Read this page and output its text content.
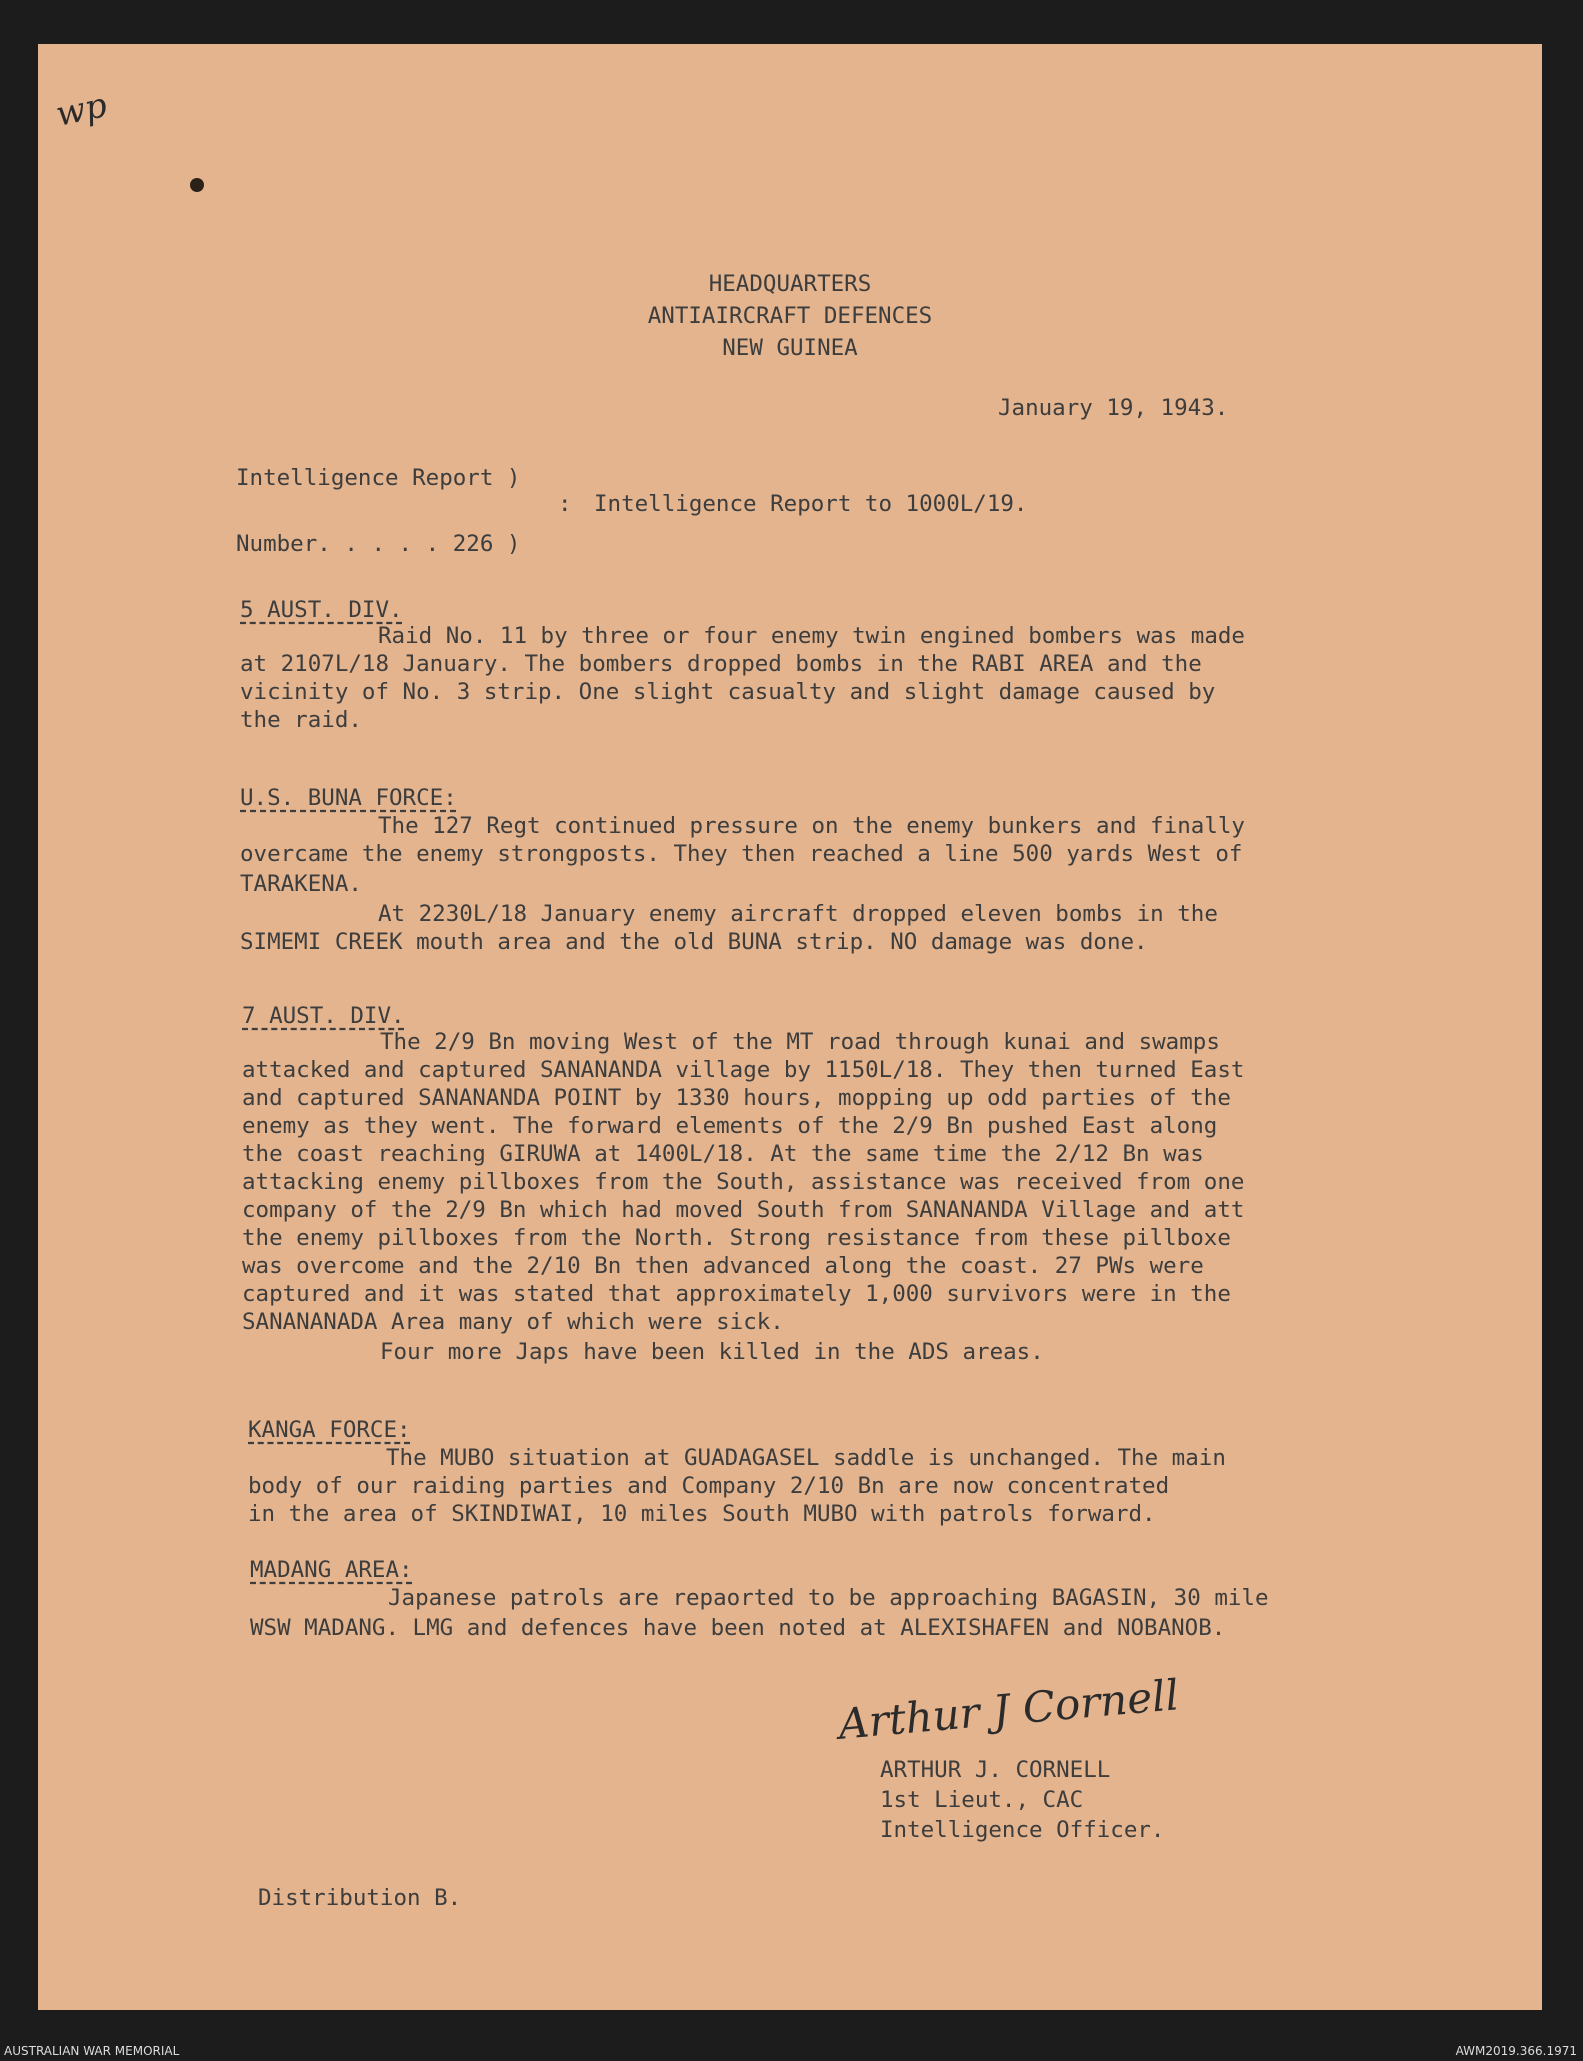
wp
HEADQUARTERS
ANTIAIRCRAFT DEFENCES
NEW GUINEA
January 19, 1943.
Intelligence Report )
: Intelligence Report to 1000L/19.
Number. . . . . 226 )
5 AUST. DIV.
Raid No. 11 by three or four enemy twin engined bombers was made
at 2107L/18 January. The bombers dropped bombs in the RABI AREA and the
vicinity of No. 3 strip. One slight casualty and slight damage caused by
the raid.
U.S. BUNA FORCE:
The 127 Regt continued pressure on the enemy bunkers and finally
overcame the enemy strongposts. They then reached a line 500 yards West of
TARAKENA.
At 2230L/18 January enemy aircraft dropped eleven bombs in the
SIMEMI CREEK mouth area and the old BUNA strip. NO damage was done.
7 AUST. DIV.
The 2/9 Bn moving West of the MT road through kunai and swamps
attacked and captured SANANANDA village by 1150L/18. They then turned East
and captured SANANANDA POINT by 1330 hours, mopping up odd parties of the
enemy as they went. The forward elements of the 2/9 Bn pushed East along
the coast reaching GIRUWA at 1400L/18. At the same time the 2/12 Bn was
attacking enemy pillboxes from the South, assistance was received from one
company of the 2/9 Bn which had moved South from SANANANDA Village and att
the enemy pillboxes from the North. Strong resistance from these pillboxe
was overcome and the 2/10 Bn then advanced along the coast. 27 PWs were
captured and it was stated that approximately 1,000 survivors were in the
SANANANADA Area many of which were sick.
Four more Japs have been killed in the ADS areas.
KANGA FORCE:
The MUBO situation at GUADAGASEL saddle is unchanged. The main
body of our raiding parties and Company 2/10 Bn are now concentrated
in the area of SKINDIWAI, 10 miles South MUBO with patrols forward.
MADANG AREA:
Japanese patrols are repaorted to be approaching BAGASIN, 30 mile
WSW MADANG. LMG and defences have been noted at ALEXISHAFEN and NOBANOB.
Arthur J Cornell
ARTHUR J. CORNELL
1st Lieut., CAC
Intelligence Officer.
Distribution B.
AUSTRALIAN WAR MEMORIAL	AWM2019.366.1971
